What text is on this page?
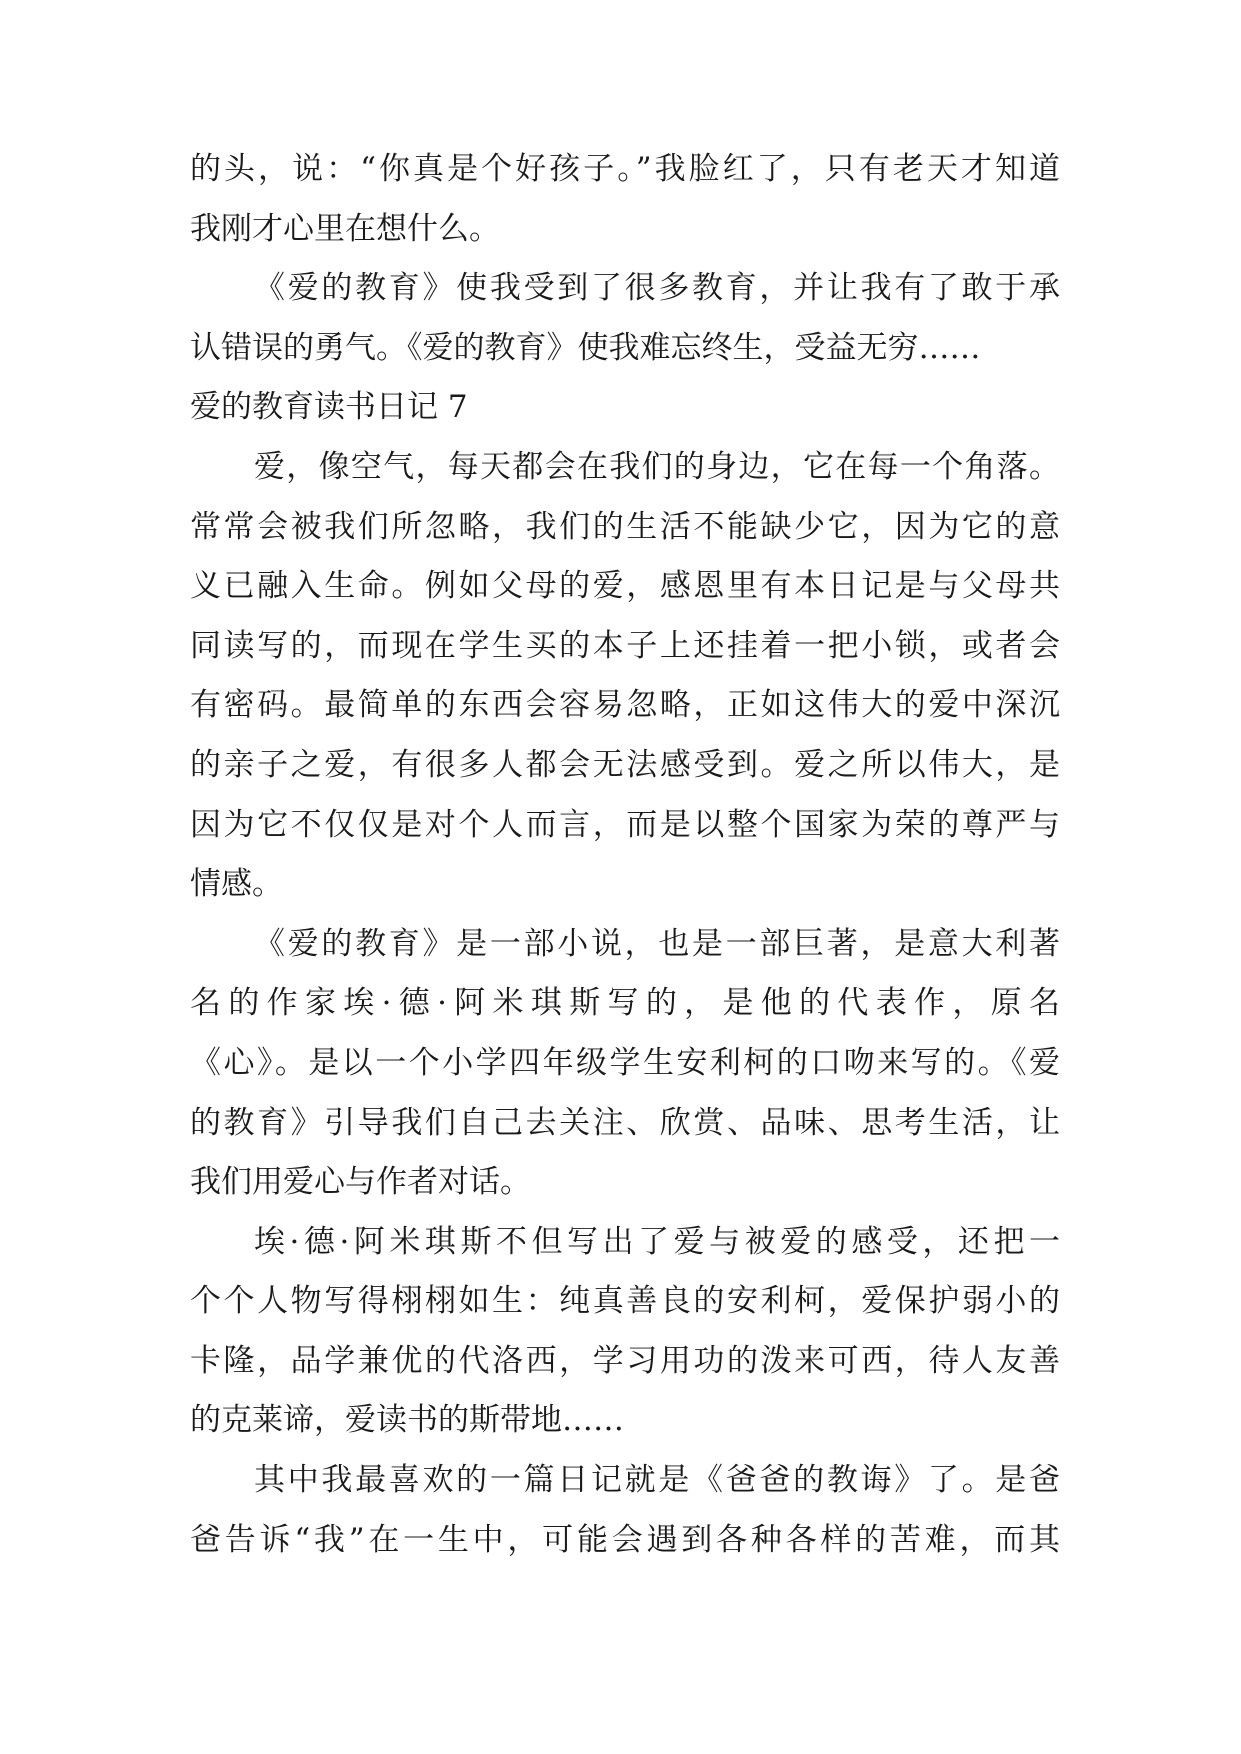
的头，说：“你真是个好孩子。”我脸红了，只有老天才知道
我刚才心里在想什么。
《爱的教育》使我受到了很多教育，并让我有了敢于承
认错误的勇气。《爱的教育》使我难忘终生，受益无穷……
爱的教育读书日记 7
爱，像空气，每天都会在我们的身边，它在每一个角落。
常常会被我们所忽略，我们的生活不能缺少它，因为它的意
义已融入生命。例如父母的爱，感恩里有本日记是与父母共
同读写的，而现在学生买的本子上还挂着一把小锁，或者会
有密码。最简单的东西会容易忽略，正如这伟大的爱中深沉
的亲子之爱，有很多人都会无法感受到。爱之所以伟大，是
因为它不仅仅是对个人而言，而是以整个国家为荣的尊严与
情感。
《爱的教育》是一部小说，也是一部巨著，是意大利著
名的作家埃·德·阿米琪斯写的，是他的代表作，原名
《心》。是以一个小学四年级学生安利柯的口吻来写的。《爱
的教育》引导我们自己去关注、欣赏、品味、思考生活，让
我们用爱心与作者对话。
埃·德·阿米琪斯不但写出了爱与被爱的感受，还把一
个个人物写得栩栩如生：纯真善良的安利柯，爱保护弱小的
卡隆，品学兼优的代洛西，学习用功的泼来可西，待人友善
的克莱谛，爱读书的斯带地……
其中我最喜欢的一篇日记就是《爸爸的教诲》了。是爸
爸告诉“我”在一生中，可能会遇到各种各样的苦难，而其
